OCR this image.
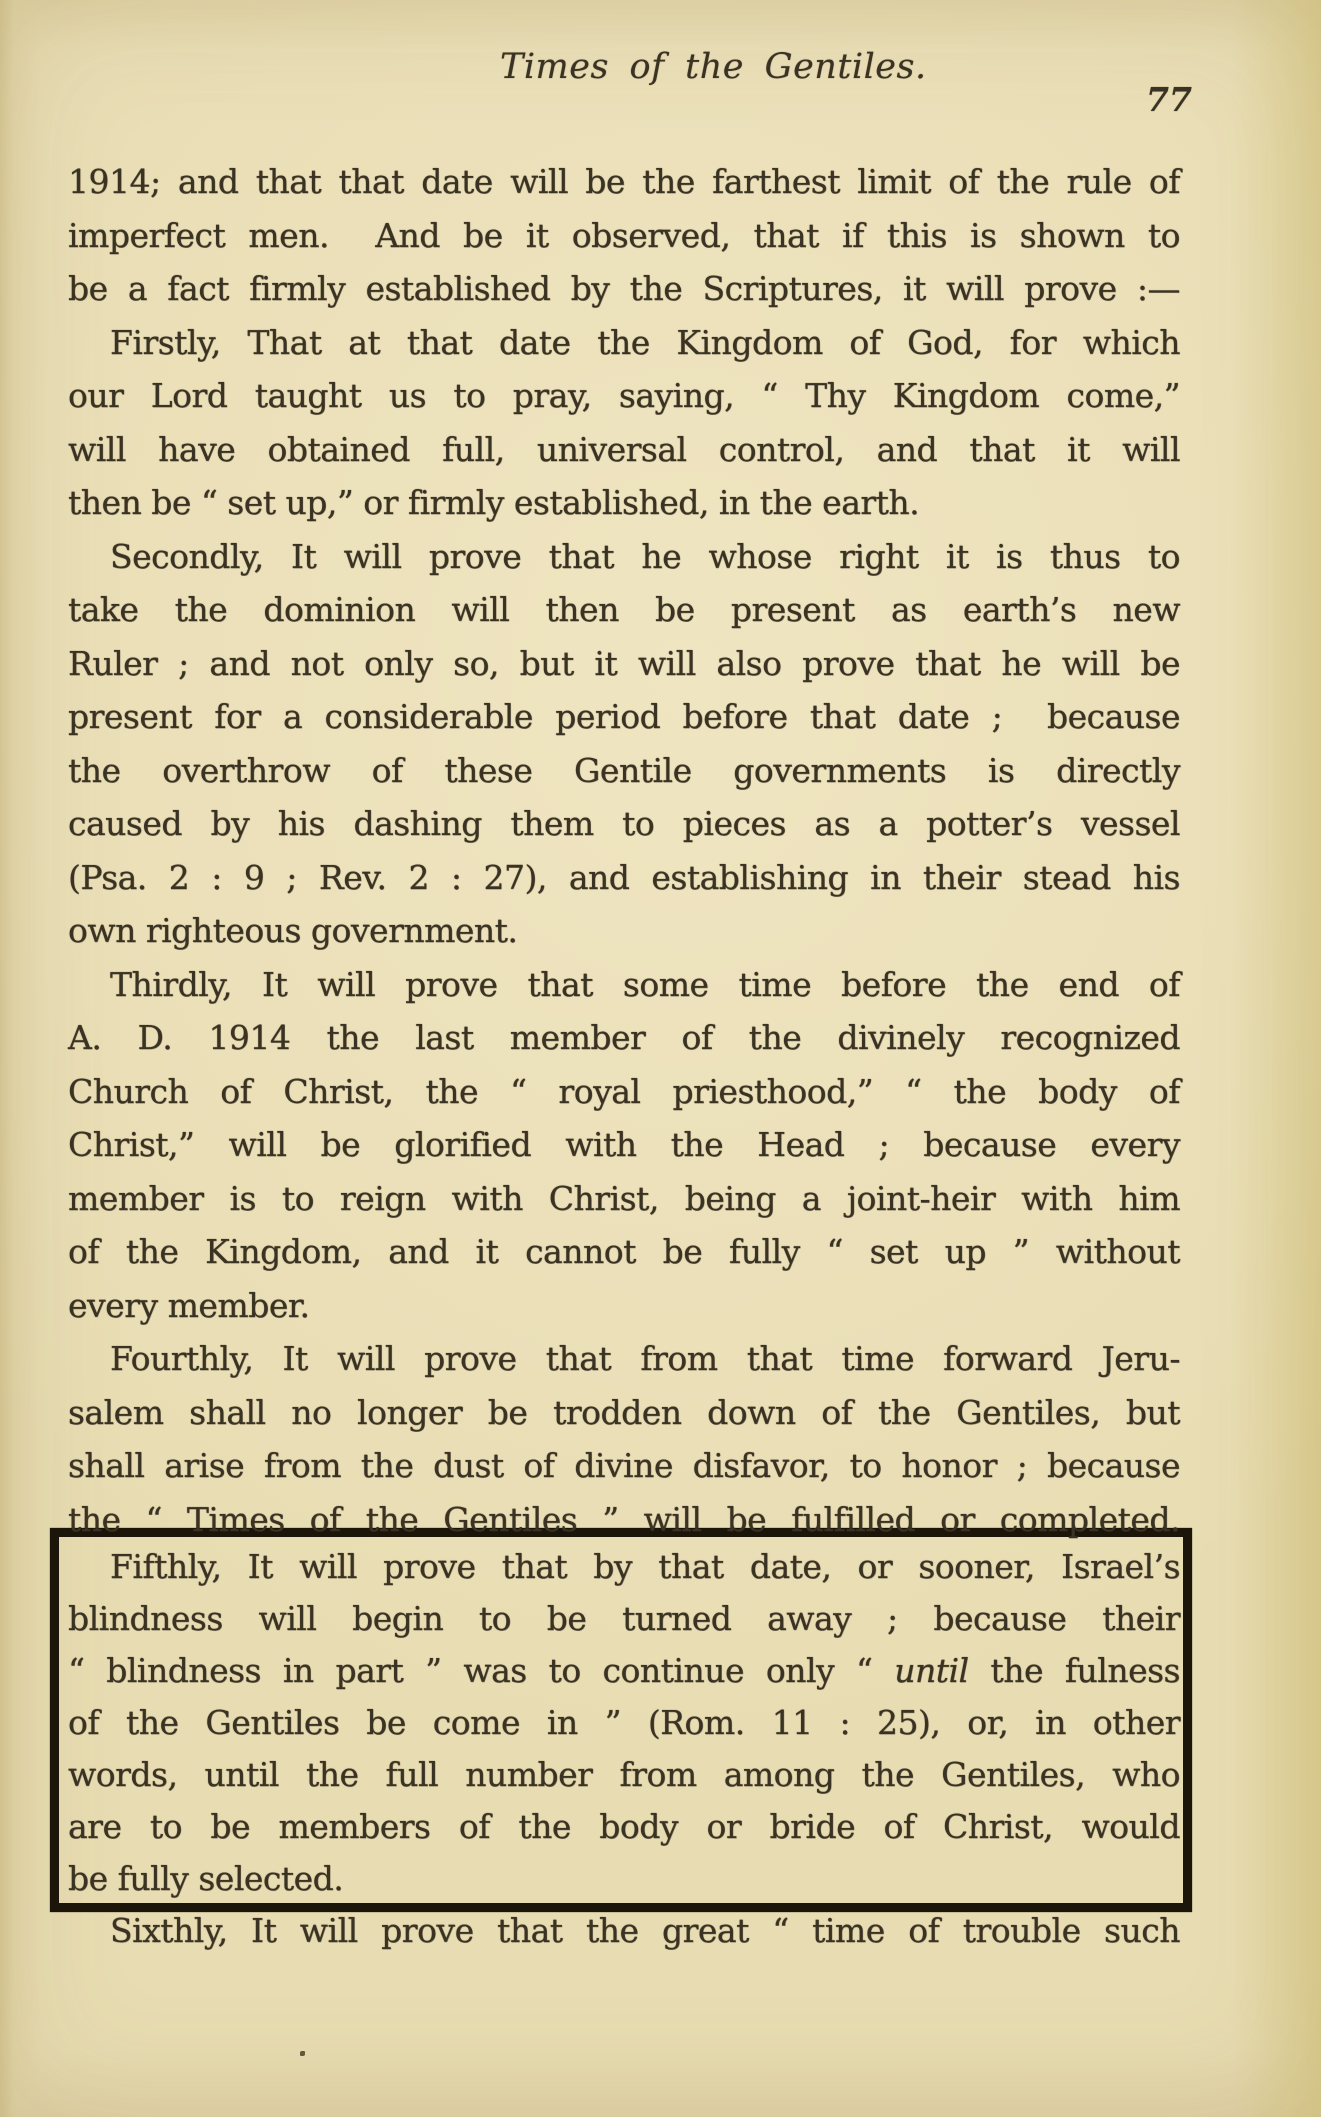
Times of the Gentiles.
77
1914; and that that date will be the farthest limit of the rule of
imperfect men.  And be it observed, that if this is shown to
be a fact firmly established by the Scriptures, it will prove :—
Firstly, That at that date the Kingdom of God, for which
our Lord taught us to pray, saying, “ Thy Kingdom come,”
will have obtained full, universal control, and that it will
then be “ set up,” or firmly established, in the earth.
Secondly, It will prove that he whose right it is thus to
take the dominion will then be present as earth’s new
Ruler ; and not only so, but it will also prove that he will be
present for a considerable period before that date ;  because
the overthrow of these Gentile governments is directly
caused by his dashing them to pieces as a potter’s vessel
(Psa. 2 : 9 ; Rev. 2 : 27), and establishing in their stead his
own righteous government.
Thirdly, It will prove that some time before the end of
A. D. 1914 the last member of the divinely recognized
Church of Christ, the “ royal priesthood,” “ the body of
Christ,” will be glorified with the Head ; because every
member is to reign with Christ, being a joint-heir with him
of the Kingdom, and it cannot be fully “ set up ” without
every member.
Fourthly, It will prove that from that time forward Jeru-
salem shall no longer be trodden down of the Gentiles, but
shall arise from the dust of divine disfavor, to honor ; because
the “ Times of the Gentiles ” will be fulfilled or completed.
Fifthly, It will prove that by that date, or sooner, Israel’s
blindness will begin to be turned away ; because their
“ blindness in part ” was to continue only “ until the fulness
of the Gentiles be come in ” (Rom. 11 : 25), or, in other
words, until the full number from among the Gentiles, who
are to be members of the body or bride of Christ, would
be fully selected.
Sixthly, It will prove that the great “ time of trouble such
